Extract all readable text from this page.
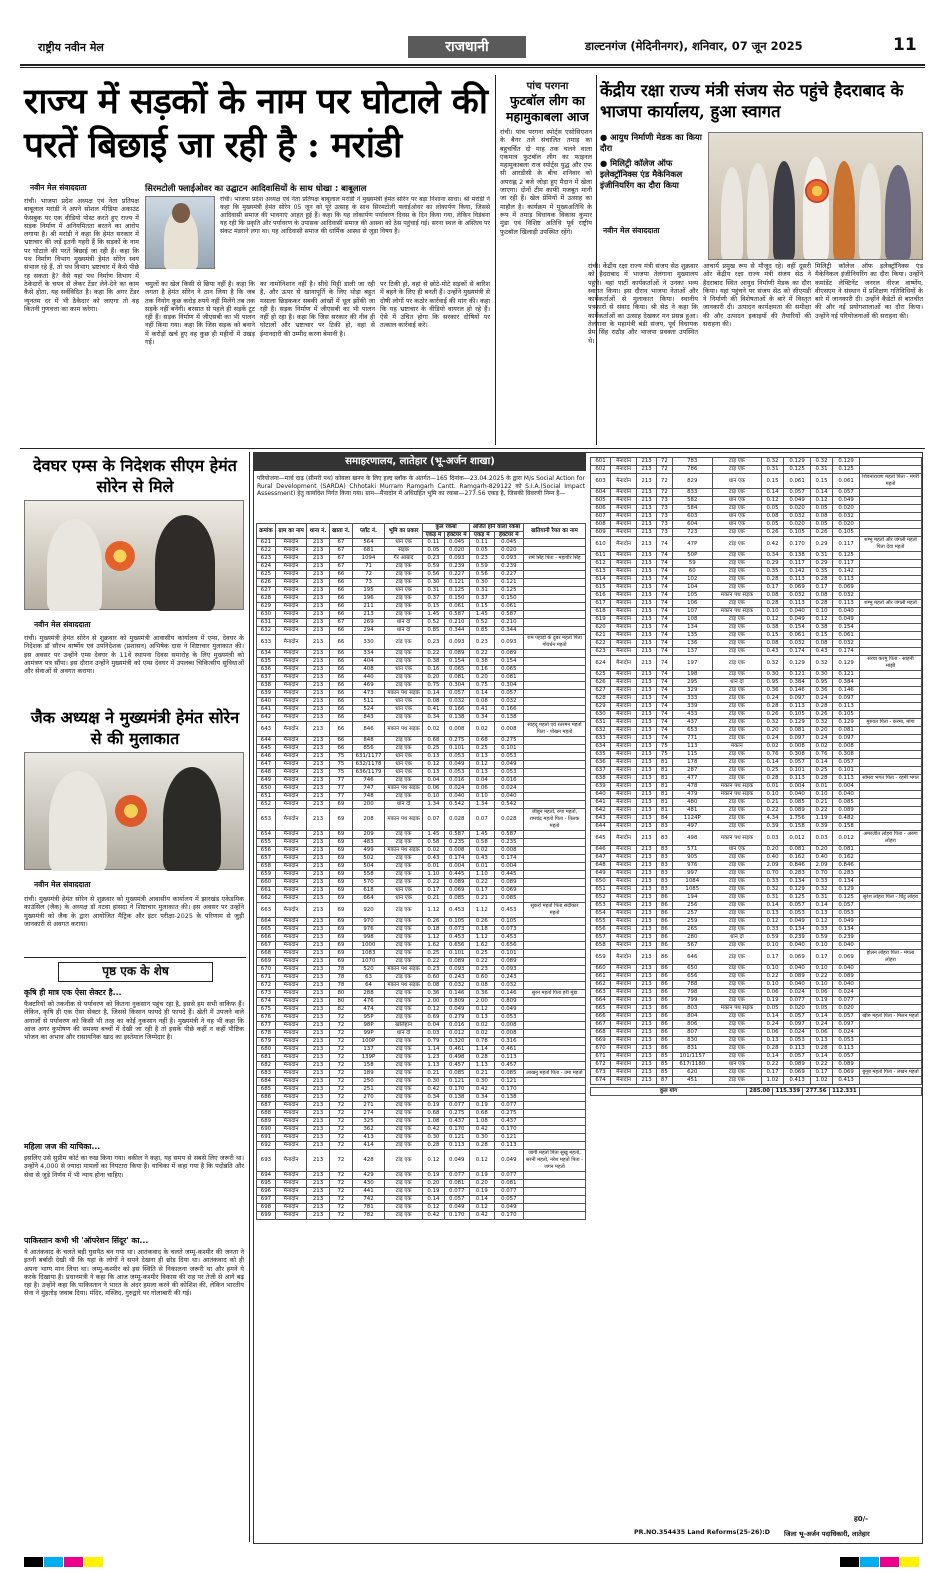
राष्ट्रीय नवीन मेल	राजधानी	डाल्टनगंज (मेदिनीनगर), शनिवार, 07 जून 2025	11
राज्य में सड़कों के नाम पर घोटाले की परतें बिछाई जा रही है : मरांडी
नवीन मेल संवाददाता
रांची। भाजपा प्रदेश अध्यक्ष एवं नेता प्रतिपक्ष बाबूलाल मरांडी ने अपने सोशल मीडिया अकाउंट फेसबुक पर एक वीडियो पोस्ट करते हुए राज्य में सड़क निर्माण में अनियमितता बरतने का आरोप लगाया है। श्री मरांडी ने कहा कि हेमंत सरकार में भ्रष्टाचार की जड़ें इतनी गहरी हैं कि सड़कों के नाम पर घोटाले की परतें बिछाई जा रही हैं। कहा कि पथ निर्माण विभाग मुख्यमंत्री हेमंत सोरेन स्वयं संभाल रहे हैं, तो पथ विभाग भ्रष्टाचार में कैसे पीछे रह सकता है? वैसे यहां पथ निर्माण विभाग में ठेकेदारों के चयन से लेकर टेंडर लेने-देने का काम कैसे होता, यह सर्वविदित है। कहा कि अगर टेंडर न्यूनतम दर में भी ठेकेदार को जाएगा तो वह कितनी गुणवत्ता का काम करेगा।
सिरमटोली फ्लाईओवर का उद्घाटन आदिवासियों के साथ धोखा : बाबूलाल
रांची। भाजपा प्रदेश अध्यक्ष एवं नेता प्रतिपक्ष बाबूलाल मरांडी ने मुख्यमंत्री हेमंत सोरेन पर बड़ा निशाना साधा। श्री मरांडी ने कहा कि मुख्यमंत्री हेमंत सोरेन 05 जून को पूरे उत्साह के साथ सिरमटोली फ्लाईओवर का लोकार्पण किया, जिससे आदिवासी समाज की भावनाएं आहत हुई हैं। कहा कि यह लोकार्पण पर्यावरण दिवस के दिन किया गया, लेकिन विडंबना यह रही कि प्रकृति और पर्यावरण के उपासक आदिवासी समाज की आस्था को ठेस पहुंचाई गई। सरना स्थल के अस्तित्व पर संकट मंडराने लगा था। यह आदिवासी समाज की धार्मिक आस्था से जुड़ा विषय है।
चमुलों का खेल किसी से छिपा नहीं है। कहा कि लगता है हेमंत सोरेन ने ठान लिया है कि जब तक नियोग कुछ करोड़ रुपये नहीं मिलेंगे तब तक सड़कें नहीं बनेंगी। बरसात से पहले ही सड़कें टूट रही हैं। सड़क निर्माण में जीएसबी का भी पालन नहीं किया गया। कहा कि जिस सड़क को बनाने में करोड़ों खर्च हुए वह कुछ ही महीनों में उखड़ गई।
का नामोनिशान नहीं है। सीधे मिट्टी डाली जा रही है, और ऊपर से खानापूर्ति के लिए थोड़ा बहुत मसाला छिड़ककर सबकी आंखों में धूल झोंकी जा रही है। सड़क निर्माण में जीएसबी का भी पालन नहीं हो रहा है। कहा कि जिस सरकार की नीव ही घोटालों और भ्रष्टाचार पर टिकी हो, वहां से ईमानदारी की उम्मीद करना बेमानी है।
पर टिकी हो, वहां से छोटे-मोटे सड़कों से बारिश में बहने के लिए ही बनती हैं। उन्होंने मुख्यमंत्री से दोषी लोगों पर कठोर कार्रवाई की मांग की। कहा कि यह भ्रष्टाचार के वीडियो वायरल हो रहे हैं। ऐसे में उचित होगा कि सरकार दोषियों पर तत्काल कार्रवाई करे।
पांच परगना
फुटबॉल लीग का महामुकाबला आज
रांची। पांच परगना स्पोर्ट्स एसोसिएशन के बैनर तले संचालित तमाड़ का बहुचर्चित दो माह तक चलने वाला एकमात्र फुटबॉल लीग का फाइनल महामुकाबला राज स्पोर्ट्स युद्ध और एफ सी आरडीसी के बीच शनिवार को अपराह्न 2 बजे जोड़ा हुए मैदान में खेला जाएगा। दोनों टीम काफी मजबूत मानी जा रही हैं। खेल प्रेमियों में उत्साह का माहौल है। कार्यक्रम में मुख्यअतिथि के रूप में तमाड़ विधायक विकास कुमार मुंडा एवं विशिष्ट अतिथि पूर्व राष्ट्रीय फुटबॉल खिलाड़ी उपस्थित रहेंगे।
केंद्रीय रक्षा राज्य मंत्री संजय सेठ पहुंचे हैदराबाद के भाजपा कार्यालय, हुआ स्वागत
● आयुध निर्माणी मेडक का किया दौरा
● मिलिट्री कॉलेज ऑफ इलेक्ट्रॉनिक्स एंड मैकेनिकल इंजीनियरिंग का दौरा किया
नवीन मेल संवाददाता
रांची। केंद्रीय रक्षा राज्य मंत्री संजय सेठ शुक्रवार को हैदराबाद में भाजपा तेलंगाना मुख्यालय पहुंचे। वहां पार्टी कार्यकर्ताओं ने उनका भव्य स्वागत किया। इस दौरान भाजपा नेताओं और कार्यकर्ताओं से मुलाकात किया। स्थानीय पत्रकारों से संवाद किया। श्री सेठ ने कहा कि कार्यकर्ताओं का उत्साह देखकर मन प्रसन्न हुआ। तेलंगाना के महामंत्री बंडी संजय, पूर्व विधायक प्रेम सिंह राठौड़ और भाजपा प्रवक्ता उपस्थित थे।
आचार्य प्रमुख रूप से मौजूद रहे। वहीं दूसरी ओर केंद्रीय रक्षा राज्य मंत्री संजय सेठ ने हैदराबाद स्थित आयुध निर्माणी मेडक का दौरा किया। यहां पहुंचने पर संजय सेठ को सीएमडी ने निर्माणी की विशेषताओं के बारे में विस्तृत जानकारी दी। उत्पादन कार्यक्षमता की समीक्षा की और उत्पादन इकाइयों की तैयारियों की सराहना की।
मिलिट्री कॉलेज ऑफ इलेक्ट्रॉनिक्स एंड मैकेनिकल इंजीनियरिंग का दौरा किया। उन्होंने कमांडेंट लेफ्टिनेंट जनरल नीरज वार्ष्णेय, वीएसएम ने संस्थान में प्रशिक्षण गतिविधियों के बारे में जानकारी दी। उन्होंने कैडेटों से बातचीत की और नई प्रयोगशालाओं का दौरा किया। उन्होंने नई परियोजनाओं की सराहना की।
देवघर एम्स के निदेशक सीएम हेमंत सोरेन से मिले
नवीन मेल संवाददाता
रांची। मुख्यमंत्री हेमंत सोरेन से शुक्रवार को मुख्यमंत्री आवासीय कार्यालय में एम्स, देवघर के निदेशक डॉ सौरभ वार्ष्णेय एवं उपनिदेशक (प्रशासन) अभिषेक दास ने शिष्टाचार मुलाकात की। इस अवसर पर उन्होंने एम्स देवघर के 11वें स्थापना दिवस समारोह के लिए मुख्यमंत्री को आमंत्रण पत्र सौंपा। इस दौरान उन्होंने मुख्यमंत्री को एम्स देवघर में उपलब्ध चिकित्सीय सुविधाओं और सेवाओं से अवगत कराया।
जैक अध्यक्ष ने मुख्यमंत्री हेमंत सोरेन से की मुलाकात
नवीन मेल संवाददाता
रांची। मुख्यमंत्री हेमंत सोरेन से शुक्रवार को मुख्यमंत्री आवासीय कार्यालय में झारखंड एकेडमिक काउंसिल (जैक) के अध्यक्ष डॉ नटवा हांसदा ने शिष्टाचार मुलाकात की। इस अवसर पर उन्होंने मुख्यमंत्री को जैक के द्वारा आयोजित मैट्रिक और इंटर परीक्षा-2025 के परिणाम से जुड़ी जानकारी से अवगत कराया।
पृष्ठ एक के शेष
कृषि ही मात्र एक ऐसा सेक्टर है...
फैक्टरियों को तकनीक से पर्यावरण को कितना नुकसान पहुंच रहा है, इससे हम सभी वाकिफ हैं। लेकिन, कृषि ही एक ऐसा सेक्टर है, जिससे किसान फायदे ही फायदे हैं। खेती में उपजने वाले अनाजों से पर्यावरण को किसी भी तरह का कोई नुकसान नहीं है। मुख्यमंत्री ने यह भी कहा कि आज अगर कुपोषण की समस्या बच्चों में देखी जा रही है तो इसके पीछे कहीं न कहीं पौष्टिक भोजन का अभाव और रासायनिक खाद का इस्तेमाल जिम्मेदार है।
महिला जज की याचिका...
इसलिए उसे सुप्रीम कोर्ट का रुख किया गया। वकील ने कहा, यह समय से सबसे लिए जरूरी था। उन्होंने 4,000 से ज्यादा मामलों का निपटारा किया है। याचिका में कहा गया है कि पदोन्नति और सेवा से जुड़े निर्णय में भी न्याय होना चाहिए।
पाकिस्तान कभी भी 'ऑपरेशन सिंदूर' का...
ये आतंकवाद के चलते बड़ी घुसपैठ बन गया था। आतंकवाद के चलते जम्मू-कश्मीर की जनता ने इतनी बर्बादी देखी थी कि यहां के लोगों ने सपने देखना ही छोड़ दिया था। आतंकवाद को ही अपना भाग्य मान लिया था। जम्मू-कश्मीर को इस स्थिति से निकालना जरूरी था और हमने ये करके दिखाया है। प्रधानमंत्री ने कहा कि आज जम्मू-कश्मीर विकास की राह पर तेजी से आगे बढ़ रहा है। उन्होंने कहा कि पाकिस्तान ने भारत के अंदर हमला करने की कोशिश की, लेकिन भारतीय सेना ने मुंहतोड़ जवाब दिया। मंदिर, मस्जिद, गुरुद्वारे पर गोलाबारी की गई।
समाहरणालय, लातेहार (भू-अर्जन शाखा)
परियोजना—मार्च दाढ़ (सीमरी पथ) कोयला खनन के लिए हल्द ब्लॉक के अंतर्गत—165 दिनांक—23.04.2025 के द्वारा M/s Social Action for Rural Development (SARDA) Chhotaki Murram Ramgarh Cantt. Ramgarh-829122 को S.I.A.(Social Impact Assessment) हेतु कार्यादेश निर्गत किया गया। ग्राम—मैनादोन में अधिग्रहित भूमि का रकबा—277.56 एकड़ है, जिसकी विवरणी निम्न है—
क्रमांक	ग्राम का नाम	थाना नं.	खाता नं.	प्लॉट नं.	भूमि का प्रकार	कुल रकबा		अर्जित होने वाला रकबा		खतियानी रैयत का नाम
						एकड़ में	हेक्टेयर में	एकड़ में	हेक्टेयर में	
621	मैनादोन	213	67	564	धान एक	0.11	0.045	0.11	0.045	
622	मैनादोन	213	67	681	सड़क	0.05	0.020	0.05	0.020	
623	मैनादोन	213	67	1094	गैर आबाद	0.23	0.093	0.23	0.093	रामे सिंह पिता - महावीर सिंह
624	मैनादोन	213	67	71	टांड़ एक	0.59	0.239	0.59	0.239	
625	मैनादोन	213	66	72	टांड़ एक	0.56	0.227	0.56	0.227	
626	मैनादोन	213	66	73	टांड़ एक	0.30	0.121	0.30	0.121	
627	मैनादोन	213	66	195	धान एक	0.31	0.125	0.31	0.125	
628	मैनादोन	213	66	196	टांड़ एक	0.37	0.150	0.37	0.150	
629	मैनादोन	213	66	211	टांड़ एक	0.15	0.061	0.15	0.061	
630	मैनादोन	213	66	213	टांड़ एक	1.45	0.587	1.45	0.587	
631	मैनादोन	213	67	269	धान दो	0.52	0.210	0.52	0.210	
632	मैनादोन	213	66	294	धान दो	0.85	0.344	0.85	0.344	
633	मैनादोन	213	66	330	टांड़ एक	0.23	0.093	0.23	0.093	राम पहाड़ों के दुबर महतो पिता गोवर्धन महतो
634	मैनादोन	213	66	334	टांड़ एक	0.22	0.089	0.22	0.089	
635	मैनादोन	213	66	404	टांड़ एक	0.38	0.154	0.38	0.154	
636	मैनादोन	213	66	408	धान एक	0.16	0.065	0.16	0.065	
637	मैनादोन	213	66	440	टांड़ एक	0.20	0.081	0.20	0.081	
638	मैनादोन	213	66	469	टांड़ एक	0.75	0.304	0.75	0.304	
639	मैनादोन	213	66	473	मकान पथ सड़क	0.14	0.057	0.14	0.057	
640	मैनादोन	213	66	511	धान एक	0.08	0.032	0.08	0.032	
641	मैनादोन	213	66	524	धान एक	0.41	0.166	0.41	0.166	
642	मैनादोन	213	66	843	टांड़ एक	0.34	0.138	0.34	0.138	
643	मैनादोन	213	66	846	मकान पथ सड़क	0.02	0.008	0.02	0.008	साहदू महतो एवं रतरमन महतो पिता - पोखन महतो
644	मैनादोन	213	66	848	टांड़ एक	0.68	0.275	0.68	0.275	
645	मैनादोन	213	66	856	टांड़ एक	0.25	0.101	0.25	0.101	
646	मैनादोन	213	75	631/1177	धान एक	0.13	0.053	0.13	0.053	
647	मैनादोन	213	75	632/1178	धान एक	0.12	0.049	0.12	0.049	
648	मैनादोन	213	75	636/1179	धान एक	0.13	0.053	0.13	0.053	
649	मैनादोन	213	77	746	टांड़ एक	0.04	0.016	0.04	0.016	
650	मैनादोन	213	77	747	मकान पथ सड़क	0.06	0.024	0.06	0.024	
651	मैनादोन	213	77	748	टांड़ एक	0.10	0.040	0.10	0.040	
652	मैनादोन	213	69	200	धान दो	1.34	0.542	1.34	0.542	
653	मैनादोन	213	69	208	मकान पथ सड़क	0.07	0.028	0.07	0.028	जीबुन महतो, रुपा महतो, रामचंद्र महतो पिता - तिलक महतो
654	मैनादोन	213	69	209	टांड़ एक	1.45	0.587	1.45	0.587	
655	मैनादोन	213	69	483	टांड़ एक	0.58	0.235	0.58	0.235	
656	मैनादोन	213	69	499	मकान पथ सड़क	0.02	0.008	0.02	0.008	
657	मैनादोन	213	69	502	टांड़ एक	0.43	0.174	0.43	0.174	
658	मैनादोन	213	69	504	टांड़ एक	0.01	0.004	0.01	0.004	
659	मैनादोन	213	69	558	टांड़ एक	1.10	0.445	1.10	0.445	
660	मैनादोन	213	69	570	टांड़ एक	0.22	0.089	0.22	0.089	
661	मैनादोन	213	69	618	धान एक	0.17	0.069	0.17	0.069	
662	मैनादोन	213	69	664	धान एक	0.21	0.085	0.21	0.085	
663	मैनादोन	213	69	920	टांड़ एक	1.12	0.453	1.12	0.453	सुकरो महतो पिता सदीकार महतो
664	मैनादोन	213	69	970	टांड़ एक	0.26	0.105	0.26	0.105	
665	मैनादोन	213	69	976	टांड़ एक	0.18	0.073	0.18	0.073	
666	मैनादोन	213	69	998	टांड़ एक	1.12	0.453	1.12	0.453	
667	मैनादोन	213	69	1000	टांड़ एक	1.62	0.656	1.62	0.656	
668	मैनादोन	213	69	1083	टांड़ एक	0.25	0.101	0.25	0.101	
669	मैनादोन	213	69	1070	टांड़ एक	0.22	0.089	0.22	0.089	
670	मैनादोन	213	78	520	मकान पथ सड़क	0.23	0.093	0.23	0.093	
671	मैनादोन	213	78	63	टांड़ एक	0.60	0.243	0.60	0.243	
672	मैनादोन	213	78	64	मकान पथ सड़क	0.08	0.032	0.08	0.032	
673	मैनादोन	213	80	288	टांड़ एक	0.36	0.146	0.36	0.146	सुरन महतो पिता हरी मुंडा
674	मैनादोन	213	80	476	टांड़ एक	2.00	0.809	2.00	0.809	
675	मैनादोन	213	82	474	टांड़ एक	0.12	0.049	0.12	0.049	
676	मैनादोन	213	72	95P	टांड़ एक	0.69	0.279	0.13	0.053	
677	मैनादोन	213	72	98P	खलिहान	0.04	0.016	0.02	0.008	
678	मैनादोन	213	72	99P	धान दो	0.03	0.012	0.02	0.008	
679	मैनादोन	213	72	100P	टांड़ एक	0.79	0.320	0.78	0.316	
680	मैनादोन	213	72	137	टांड़ एक	1.14	0.461	1.14	0.461	
681	मैनादोन	213	72	139P	टांड़ एक	1.23	0.498	0.28	0.113	
682	मैनादोन	213	72	158	टांड़ एक	1.13	0.457	1.13	0.457	
683	मैनादोन	213	72	189	टांड़ एक	0.21	0.085	0.21	0.085	लाखनु महतो पिता - उमा महतो
684	मैनादोन	213	72	250	टांड़ एक	0.30	0.121	0.30	0.121	
685	मैनादोन	213	72	251	टांड़ एक	0.42	0.170	0.42	0.170	
686	मैनादोन	213	72	270	टांड़ एक	0.34	0.138	0.34	0.138	
687	मैनादोन	213	72	271	टांड़ एक	0.19	0.077	0.19	0.077	
688	मैनादोन	213	72	274	टांड़ एक	0.68	0.275	0.68	0.275	
689	मैनादोन	213	72	325	टांड़ एक	1.08	0.437	1.08	0.437	
690	मैनादोन	213	72	362	टांड़ एक	0.42	0.170	0.42	0.170	
691	मैनादोन	213	72	413	टांड़ एक	0.30	0.121	0.30	0.121	
692	मैनादोन	213	72	414	टांड़ एक	0.28	0.113	0.28	0.113	
693	मैनादोन	213	72	428	टांड़ एक	0.12	0.049	0.12	0.049	जागी महतो पिता सुखु महतो, सरनी महतो, नरेश महतो पिता - जगन महतो
694	मैनादोन	213	72	429	टांड़ एक	0.19	0.077	0.19	0.077	
695	मैनादोन	213	72	430	टांड़ एक	0.20	0.081	0.20	0.081	
696	मैनादोन	213	72	441	टांड़ एक	0.19	0.077	0.19	0.077	
697	मैनादोन	213	72	742	टांड़ एक	0.14	0.057	0.14	0.057	
698	मैनादोन	213	72	781	टांड़ एक	0.12	0.049	0.12	0.049	
699	मैनादोन	213	72	782	टांड़ एक	0.42	0.170	0.42	0.170	
601	मैनादोन	213	72	783	टांड़ एक	0.32	0.129	0.32	0.129	
602	मैनादोन	213	72	786	टांड़ एक	0.31	0.125	0.31	0.125	
603	मैनादोन	213	72	829	धान एक	0.15	0.061	0.15	0.061	शिवनारायण महतो पिता - मंगरी महतो
604	मैनादोन	213	72	833	टांड़ एक	0.14	0.057	0.14	0.057	
605	मैनादोन	213	73	582	धान एक	0.12	0.049	0.12	0.049	
606	मैनादोन	213	73	584	टांड़ एक	0.05	0.020	0.05	0.020	
607	मैनादोन	213	73	603	धान एक	0.08	0.032	0.08	0.032	
608	मैनादोन	213	73	604	धान एक	0.05	0.020	0.05	0.020	
609	मैनादोन	213	73	723	टांड़ एक	0.26	0.105	0.26	0.105	
610	मैनादोन	213	74	47P	टांड़ एक	0.42	0.170	0.29	0.117	शम्भु महतो और जंगली महतो पिता देवा महतो
611	मैनादोन	213	74	50P	टांड़ एक	0.34	0.138	0.31	0.125	
612	मैनादोन	213	74	59	टांड़ एक	0.29	0.117	0.29	0.117	
613	मैनादोन	213	74	60	टांड़ एक	0.35	0.142	0.35	0.142	
614	मैनादोन	213	74	102	टांड़ एक	0.28	0.113	0.28	0.113	
615	मैनादोन	213	74	104	टांड़ एक	0.17	0.069	0.17	0.069	
616	मैनादोन	213	74	105	मकान पथ सड़क	0.08	0.032	0.08	0.032	
617	मैनादोन	213	74	106	टांड़ एक	0.28	0.113	0.28	0.113	शम्भु महतो और जंगली महतो
618	मैनादोन	213	74	107	मकान पथ सड़क	0.10	0.040	0.10	0.040	
619	मैनादोन	213	74	108	टांड़ एक	0.12	0.049	0.12	0.049	
620	मैनादोन	213	74	134	टांड़ एक	0.38	0.154	0.38	0.154	
621	मैनादोन	213	74	135	टांड़ एक	0.15	0.061	0.15	0.061	
622	मैनादोन	213	74	136	टांड़ एक	0.08	0.032	0.08	0.032	
623	मैनादोन	213	74	137	टांड़ एक	0.43	0.174	0.43	0.174	
624	मैनादोन	213	74	197	टांड़ एक	0.32	0.129	0.32	0.129	सरवा करमु पिता - साहनी मांझी
625	मैनादोन	213	74	198	टांड़ एक	0.30	0.121	0.30	0.121	
626	मैनादोन	213	74	295	धान दो	0.95	0.384	0.95	0.384	
627	मैनादोन	213	74	329	टांड़ एक	0.36	0.146	0.36	0.146	
628	मैनादोन	213	74	333	टांड़ एक	0.24	0.097	0.24	0.097	
629	मैनादोन	213	74	339	टांड़ एक	0.28	0.113	0.28	0.113	
630	मैनादोन	213	74	433	टांड़ एक	0.26	0.105	0.26	0.105	
631	मैनादोन	213	74	437	टांड़ एक	0.32	0.129	0.32	0.129	मुरुवत पिता - करमा, मांगा
632	मैनादोन	213	74	653	टांड़ एक	0.20	0.081	0.20	0.081	
633	मैनादोन	213	74	771	टांड़ एक	0.24	0.097	0.24	0.097	
634	मैनादोन	213	75	113	मकान	0.02	0.008	0.02	0.008	
635	मैनादोन	213	75	115	टांड़ एक	0.76	0.308	0.76	0.308	
636	मैनादोन	213	81	178	टांड़ एक	0.14	0.057	0.14	0.057	
637	मैनादोन	213	81	287	टांड़ एक	0.25	0.101	0.25	0.101	
638	मैनादोन	213	81	477	टांड़ एक	0.28	0.113	0.28	0.113	सोमरा भगत पिता - रहमी भगत
639	मैनादोन	213	81	478	मकान पथ सड़क	0.01	0.004	0.01	0.004	
640	मैनादोन	213	81	479	मकान पथ सड़क	0.10	0.040	0.10	0.040	
641	मैनादोन	213	81	480	टांड़ एक	0.21	0.085	0.21	0.085	
642	मैनादोन	213	81	481	टांड़ एक	0.22	0.089	0.22	0.089	
643	मैनादोन	213	84	1124P	टांड़ एक	4.34	1.756	1.19	0.482	
644	मैनादोन	213	83	497	टांड़ एक	0.39	0.158	0.39	0.158	
645	मैनादोन	213	83	498	मकान पथ सड़क	0.03	0.012	0.03	0.012	अमरजीत लोहरा पिता - अरुण लोहरा
646	मैनादोन	213	83	571	धान एक	0.20	0.081	0.20	0.081	
647	मैनादोन	213	83	905	टांड़ एक	0.40	0.162	0.40	0.162	
648	मैनादोन	213	83	976	टांड़ एक	2.09	0.846	2.09	0.846	
649	मैनादोन	213	83	997	टांड़ एक	0.70	0.283	0.70	0.283	
650	मैनादोन	213	83	1084	टांड़ एक	0.33	0.134	0.33	0.134	
651	मैनादोन	213	83	1085	टांड़ एक	0.32	0.129	0.32	0.129	
652	मैनादोन	213	86	194	टांड़ एक	0.31	0.125	0.31	0.125	सुरेश लोहरा पिता - चिंटु लोहरा
653	मैनादोन	213	86	256	टांड़ एक	0.14	0.057	0.14	0.057	
654	मैनादोन	213	86	257	टांड़ एक	0.13	0.053	0.13	0.053	
655	मैनादोन	213	86	259	टांड़ एक	0.12	0.049	0.12	0.049	
656	मैनादोन	213	86	265	टांड़ एक	0.33	0.134	0.33	0.134	
657	मैनादोन	213	86	280	धान दो	0.59	0.239	0.59	0.239	
658	मैनादोन	213	86	567	टांड़ एक	0.10	0.040	0.10	0.040	
659	मैनादोन	213	86	646	टांड़ एक	0.17	0.069	0.17	0.069	होलन लोहरा पिता - मंगला लोहरा
660	मैनादोन	213	86	650	टांड़ एक	0.10	0.040	0.10	0.040	
661	मैनादोन	213	86	656	टांड़ एक	0.22	0.089	0.22	0.089	
662	मैनादोन	213	86	788	टांड़ एक	0.10	0.040	0.10	0.040	
663	मैनादोन	213	86	798	टांड़ एक	0.06	0.024	0.06	0.024	
664	मैनादोन	213	86	799	टांड़ एक	0.19	0.077	0.19	0.077	
665	मैनादोन	213	86	803	मकान पथ सड़क	0.05	0.020	0.05	0.020	
666	मैनादोन	213	86	804	टांड़ एक	0.14	0.057	0.14	0.057	खीरु महतो पिता - मिलन महतो
667	मैनादोन	213	86	806	टांड़ एक	0.24	0.097	0.24	0.097	
668	मैनादोन	213	86	807	टांड़ एक	0.06	0.024	0.06	0.024	
669	मैनादोन	213	86	830	टांड़ एक	0.13	0.053	0.13	0.053	
670	मैनादोन	213	86	831	टांड़ एक	0.28	0.113	0.28	0.113	
671	मैनादोन	213	85	101/1157	टांड़ एक	0.14	0.057	0.14	0.057	
672	मैनादोन	213	85	617/1180	धान एक	0.22	0.089	0.22	0.089	
673	मैनादोन	213	85	620	टांड़ एक	0.17	0.069	0.17	0.069	बुनूब महतो पिता - लखन महतो
674	मैनादोन	213	87	451	टांड़ एक	1.02	0.413	1.02	0.413	
कुल योग	285.00	115.339	277.56	112.331	
ह0/-
PR.NO.354435 Land Reforms(25-26):D जिला भू-अर्जन पदाधिकारी, लातेहार
